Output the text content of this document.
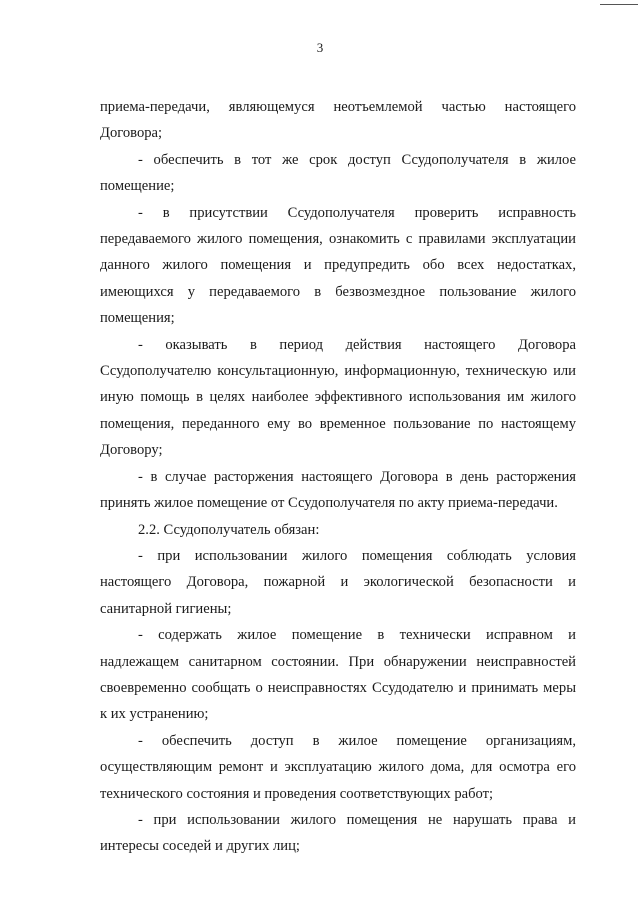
3

приема-передачи, являющемуся неотъемлемой частью настоящего Договора;

- обеспечить в тот же срок доступ Ссудополучателя в жилое помещение;

- в присутствии Ссудополучателя проверить исправность передаваемого жилого помещения, ознакомить с правилами эксплуатации данного жилого помещения и предупредить обо всех недостатках, имеющихся у передаваемого в безвозмездное пользование жилого помещения;

- оказывать в период действия настоящего Договора Ссудополучателю консультационную, информационную, техническую или иную помощь в целях наиболее эффективного использования им жилого помещения, переданного ему во временное пользование по настоящему Договору;

- в случае расторжения настоящего Договора в день расторжения принять жилое помещение от Ссудополучателя по акту приема-передачи.

2.2. Ссудополучатель обязан:

- при использовании жилого помещения соблюдать условия настоящего Договора, пожарной и экологической безопасности и санитарной гигиены;

- содержать жилое помещение в технически исправном и надлежащем санитарном состоянии. При обнаружении неисправностей своевременно сообщать о неисправностях Ссудодателю и принимать меры к их устранению;

- обеспечить доступ в жилое помещение организациям, осуществляющим ремонт и эксплуатацию жилого дома, для осмотра его технического состояния и проведения соответствующих работ;

- при использовании жилого помещения не нарушать права и интересы соседей и других лиц;
